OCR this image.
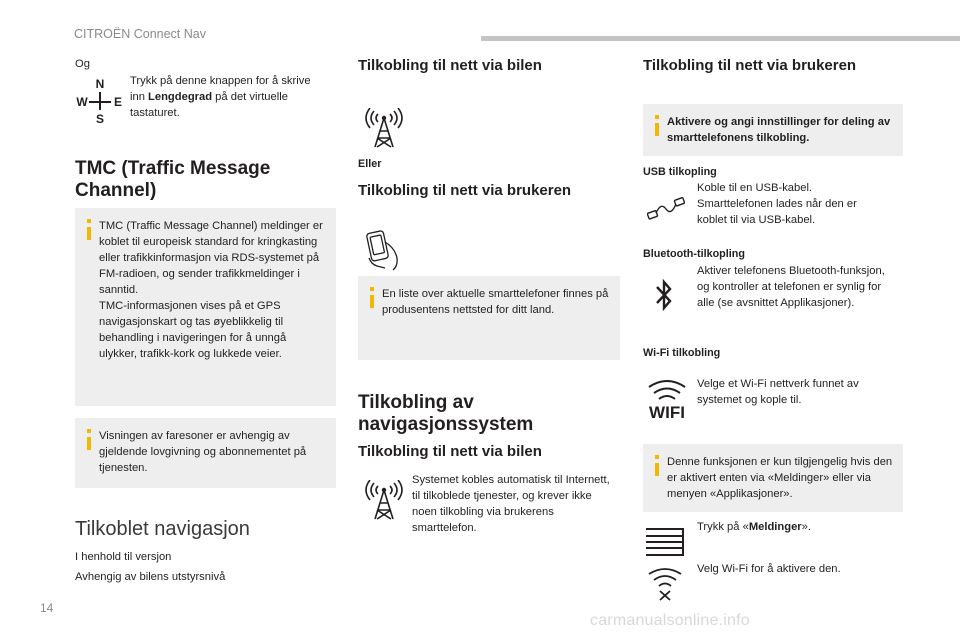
CITROËN Connect Nav
14
carmanualsonline.info
Og
N
W E
S
Trykk på denne knappen for å skrive inn Lengdegrad på det virtuelle tastaturet.
TMC (Traffic Message Channel)
TMC (Traffic Message Channel) meldinger er koblet til europeisk standard for kringkasting eller trafikkinformasjon via RDS-systemet på FM-radioen, og sender trafikkmeldinger i sanntid.
TMC-informasjonen vises på et GPS navigasjonskart og tas øyeblikkelig til behandling i navigeringen for å unngå ulykker, trafikk-kork og lukkede veier.
Visningen av faresoner er avhengig av gjeldende lovgivning og abonnementet på tjenesten.
Tilkoblet navigasjon
I henhold til versjon
Avhengig av bilens utstyrsnivå
Tilkobling til nett via bilen
Eller
Tilkobling til nett via brukeren
En liste over aktuelle smarttelefoner finnes på produsentens nettsted for ditt land.
Tilkobling av navigasjonssystem
Tilkobling til nett via bilen
Systemet kobles automatisk til Internett, til tilkoblede tjenester, og krever ikke noen tilkobling via brukerens smarttelefon.
Tilkobling til nett via brukeren
Aktivere og angi innstillinger for deling av smarttelefonens tilkobling.
USB tilkopling
Koble til en USB-kabel. Smarttelefonen lades når den er koblet til via USB-kabel.
Bluetooth-tilkopling
Aktiver telefonens Bluetooth-funksjon, og kontroller at telefonen er synlig for alle (se avsnittet Applikasjoner).
Wi-Fi tilkobling
WIFI
Velge et Wi-Fi nettverk funnet av systemet og kople til.
Denne funksjonen er kun tilgjengelig hvis den er aktivert enten via «Meldinger» eller via menyen «Applikasjoner».
Trykk på «Meldinger».
Velg Wi-Fi for å aktivere den.
